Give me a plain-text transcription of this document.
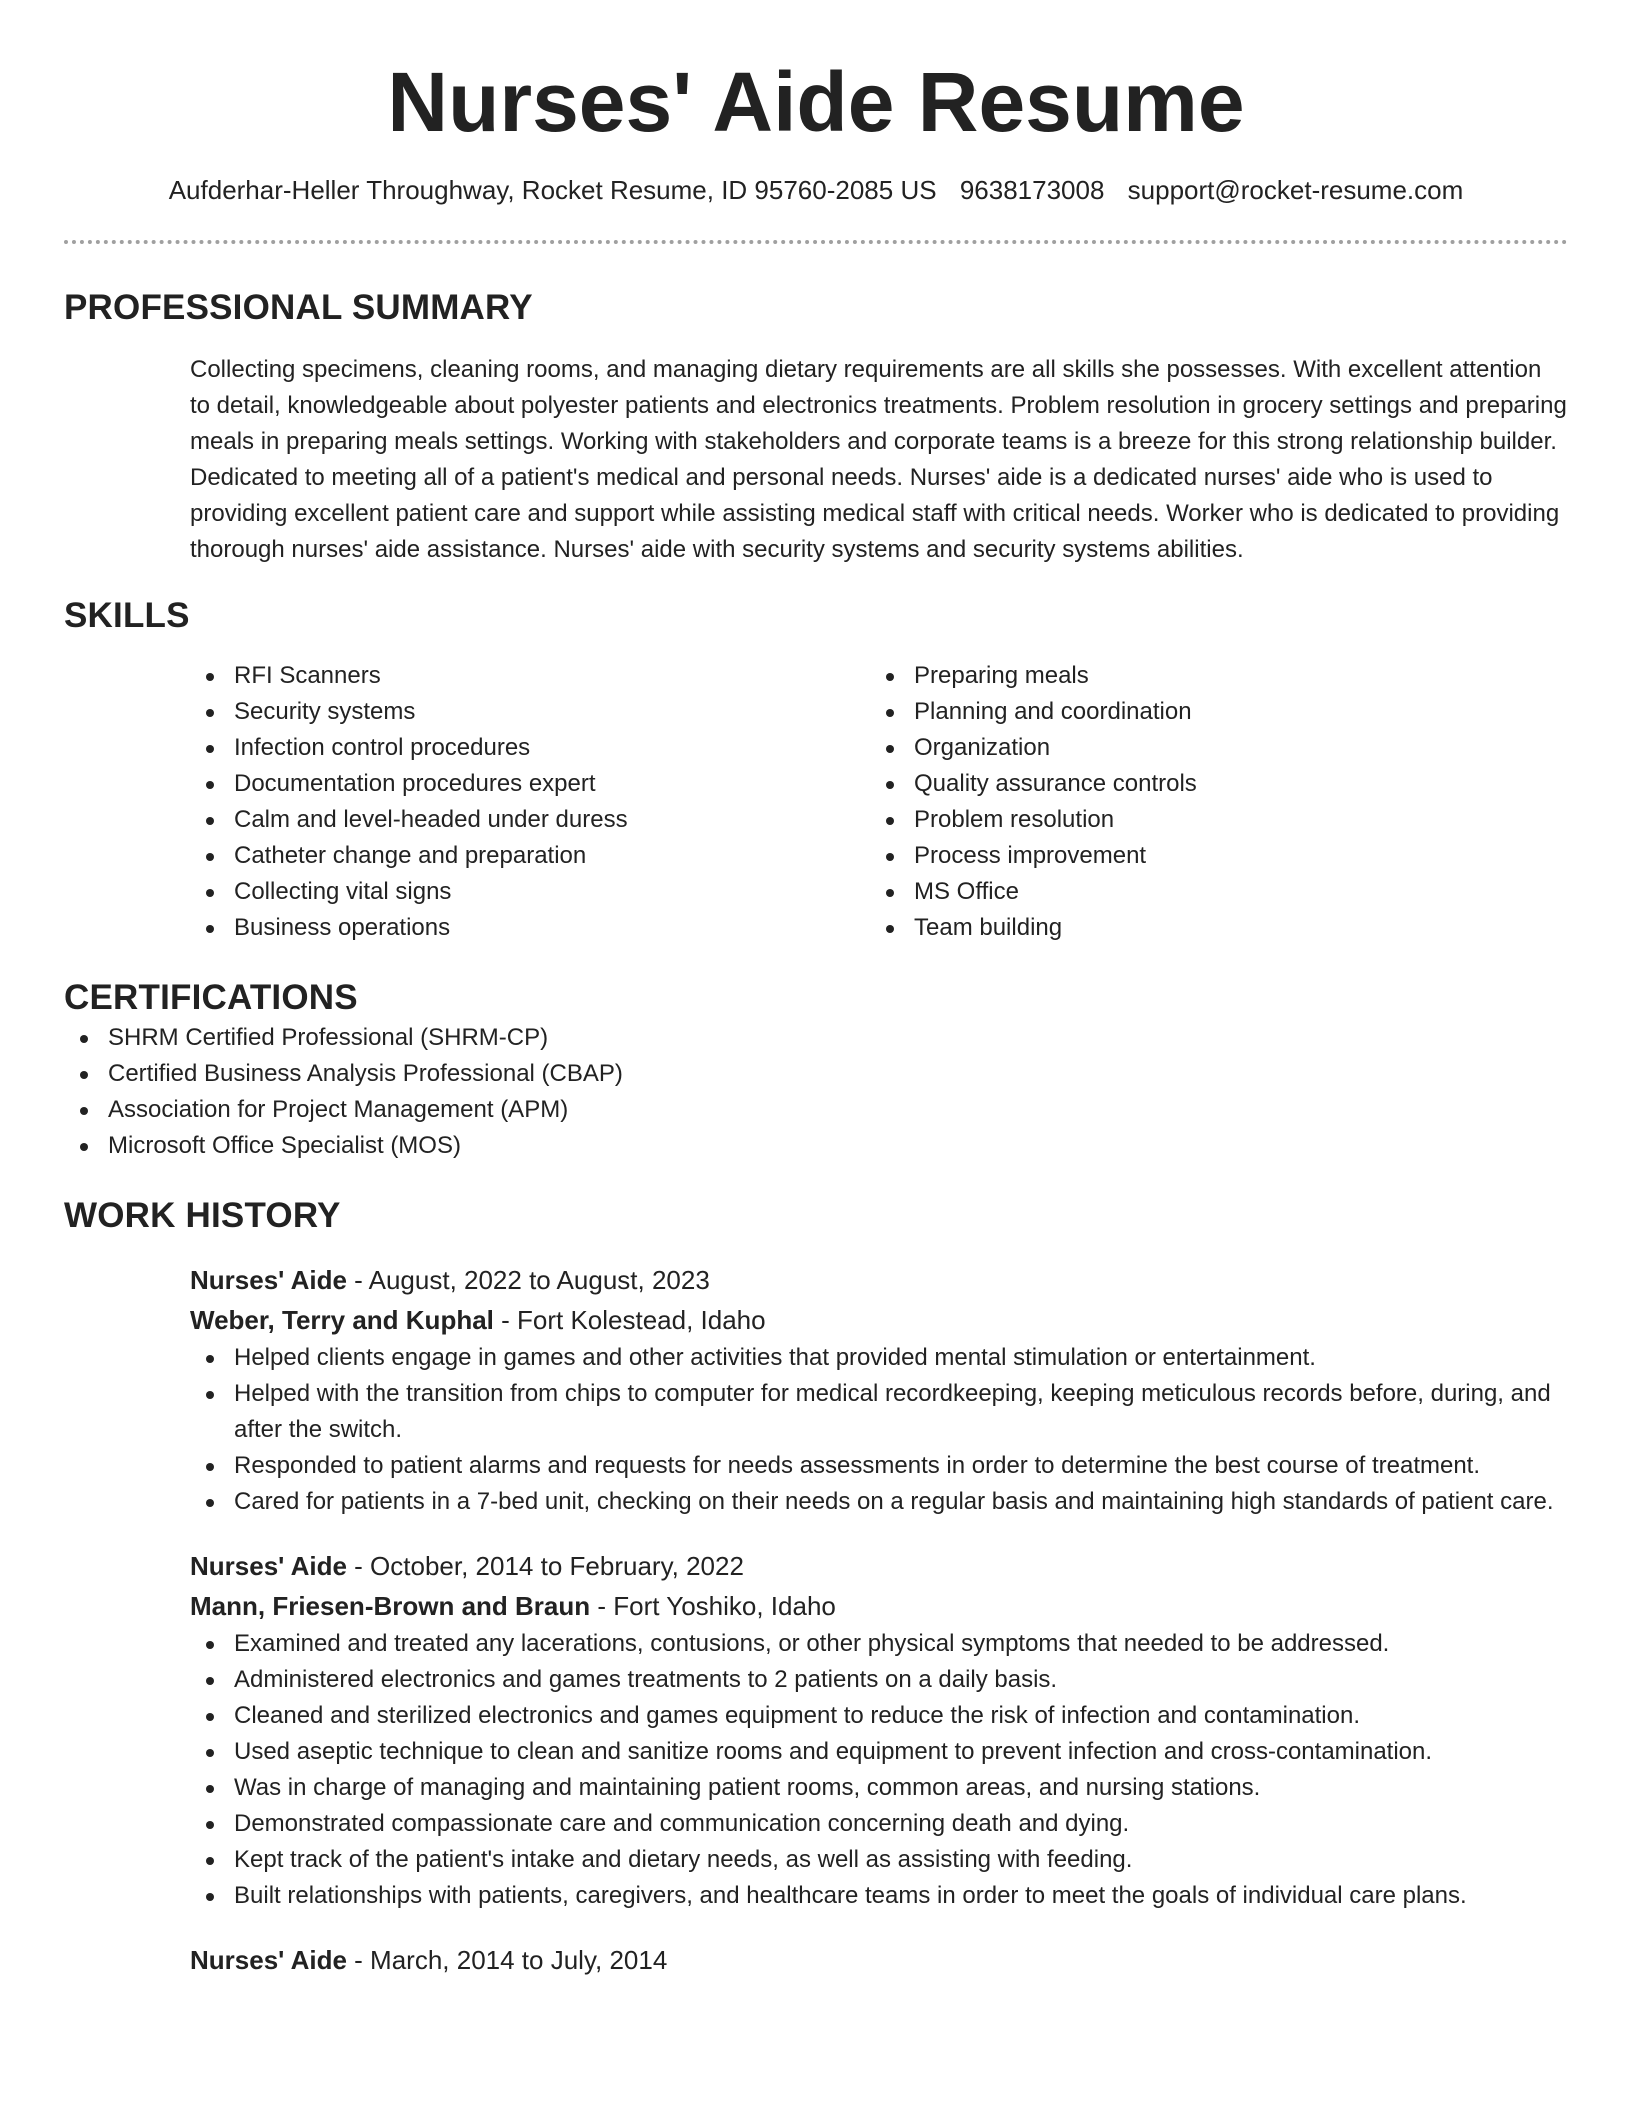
Nurses' Aide Resume
Aufderhar-Heller Throughway, Rocket Resume, ID 95760-2085 US 9638173008 support@rocket-resume.com
PROFESSIONAL SUMMARY

Collecting specimens, cleaning rooms, and managing dietary requirements are all skills she possesses. With excellent attention to detail, knowledgeable about polyester patients and electronics treatments. Problem resolution in grocery settings and preparing meals in preparing meals settings. Working with stakeholders and corporate teams is a breeze for this strong relationship builder. Dedicated to meeting all of a patient's medical and personal needs. Nurses' aide is a dedicated nurses' aide who is used to providing excellent patient care and support while assisting medical staff with critical needs. Worker who is dedicated to providing thorough nurses' aide assistance. Nurses' aide with security systems and security systems abilities.

SKILLS
RFI Scanners
Security systems
Infection control procedures
Documentation procedures expert
Calm and level-headed under duress
Catheter change and preparation
Collecting vital signs
Business operations
Preparing meals
Planning and coordination
Organization
Quality assurance controls
Problem resolution
Process improvement
MS Office
Team building
CERTIFICATIONS
SHRM Certified Professional (SHRM-CP)
Certified Business Analysis Professional (CBAP)
Association for Project Management (APM)
Microsoft Office Specialist (MOS)
WORK HISTORY
Nurses' Aide - August, 2022 to August, 2023
Weber, Terry and Kuphal - Fort Kolestead, Idaho
Helped clients engage in games and other activities that provided mental stimulation or entertainment.
Helped with the transition from chips to computer for medical recordkeeping, keeping meticulous records before, during, and after the switch.
Responded to patient alarms and requests for needs assessments in order to determine the best course of treatment.
Cared for patients in a 7-bed unit, checking on their needs on a regular basis and maintaining high standards of patient care.
Nurses' Aide - October, 2014 to February, 2022
Mann, Friesen-Brown and Braun - Fort Yoshiko, Idaho
Examined and treated any lacerations, contusions, or other physical symptoms that needed to be addressed.
Administered electronics and games treatments to 2 patients on a daily basis.
Cleaned and sterilized electronics and games equipment to reduce the risk of infection and contamination.
Used aseptic technique to clean and sanitize rooms and equipment to prevent infection and cross-contamination.
Was in charge of managing and maintaining patient rooms, common areas, and nursing stations.
Demonstrated compassionate care and communication concerning death and dying.
Kept track of the patient's intake and dietary needs, as well as assisting with feeding.
Built relationships with patients, caregivers, and healthcare teams in order to meet the goals of individual care plans.
Nurses' Aide - March, 2014 to July, 2014
